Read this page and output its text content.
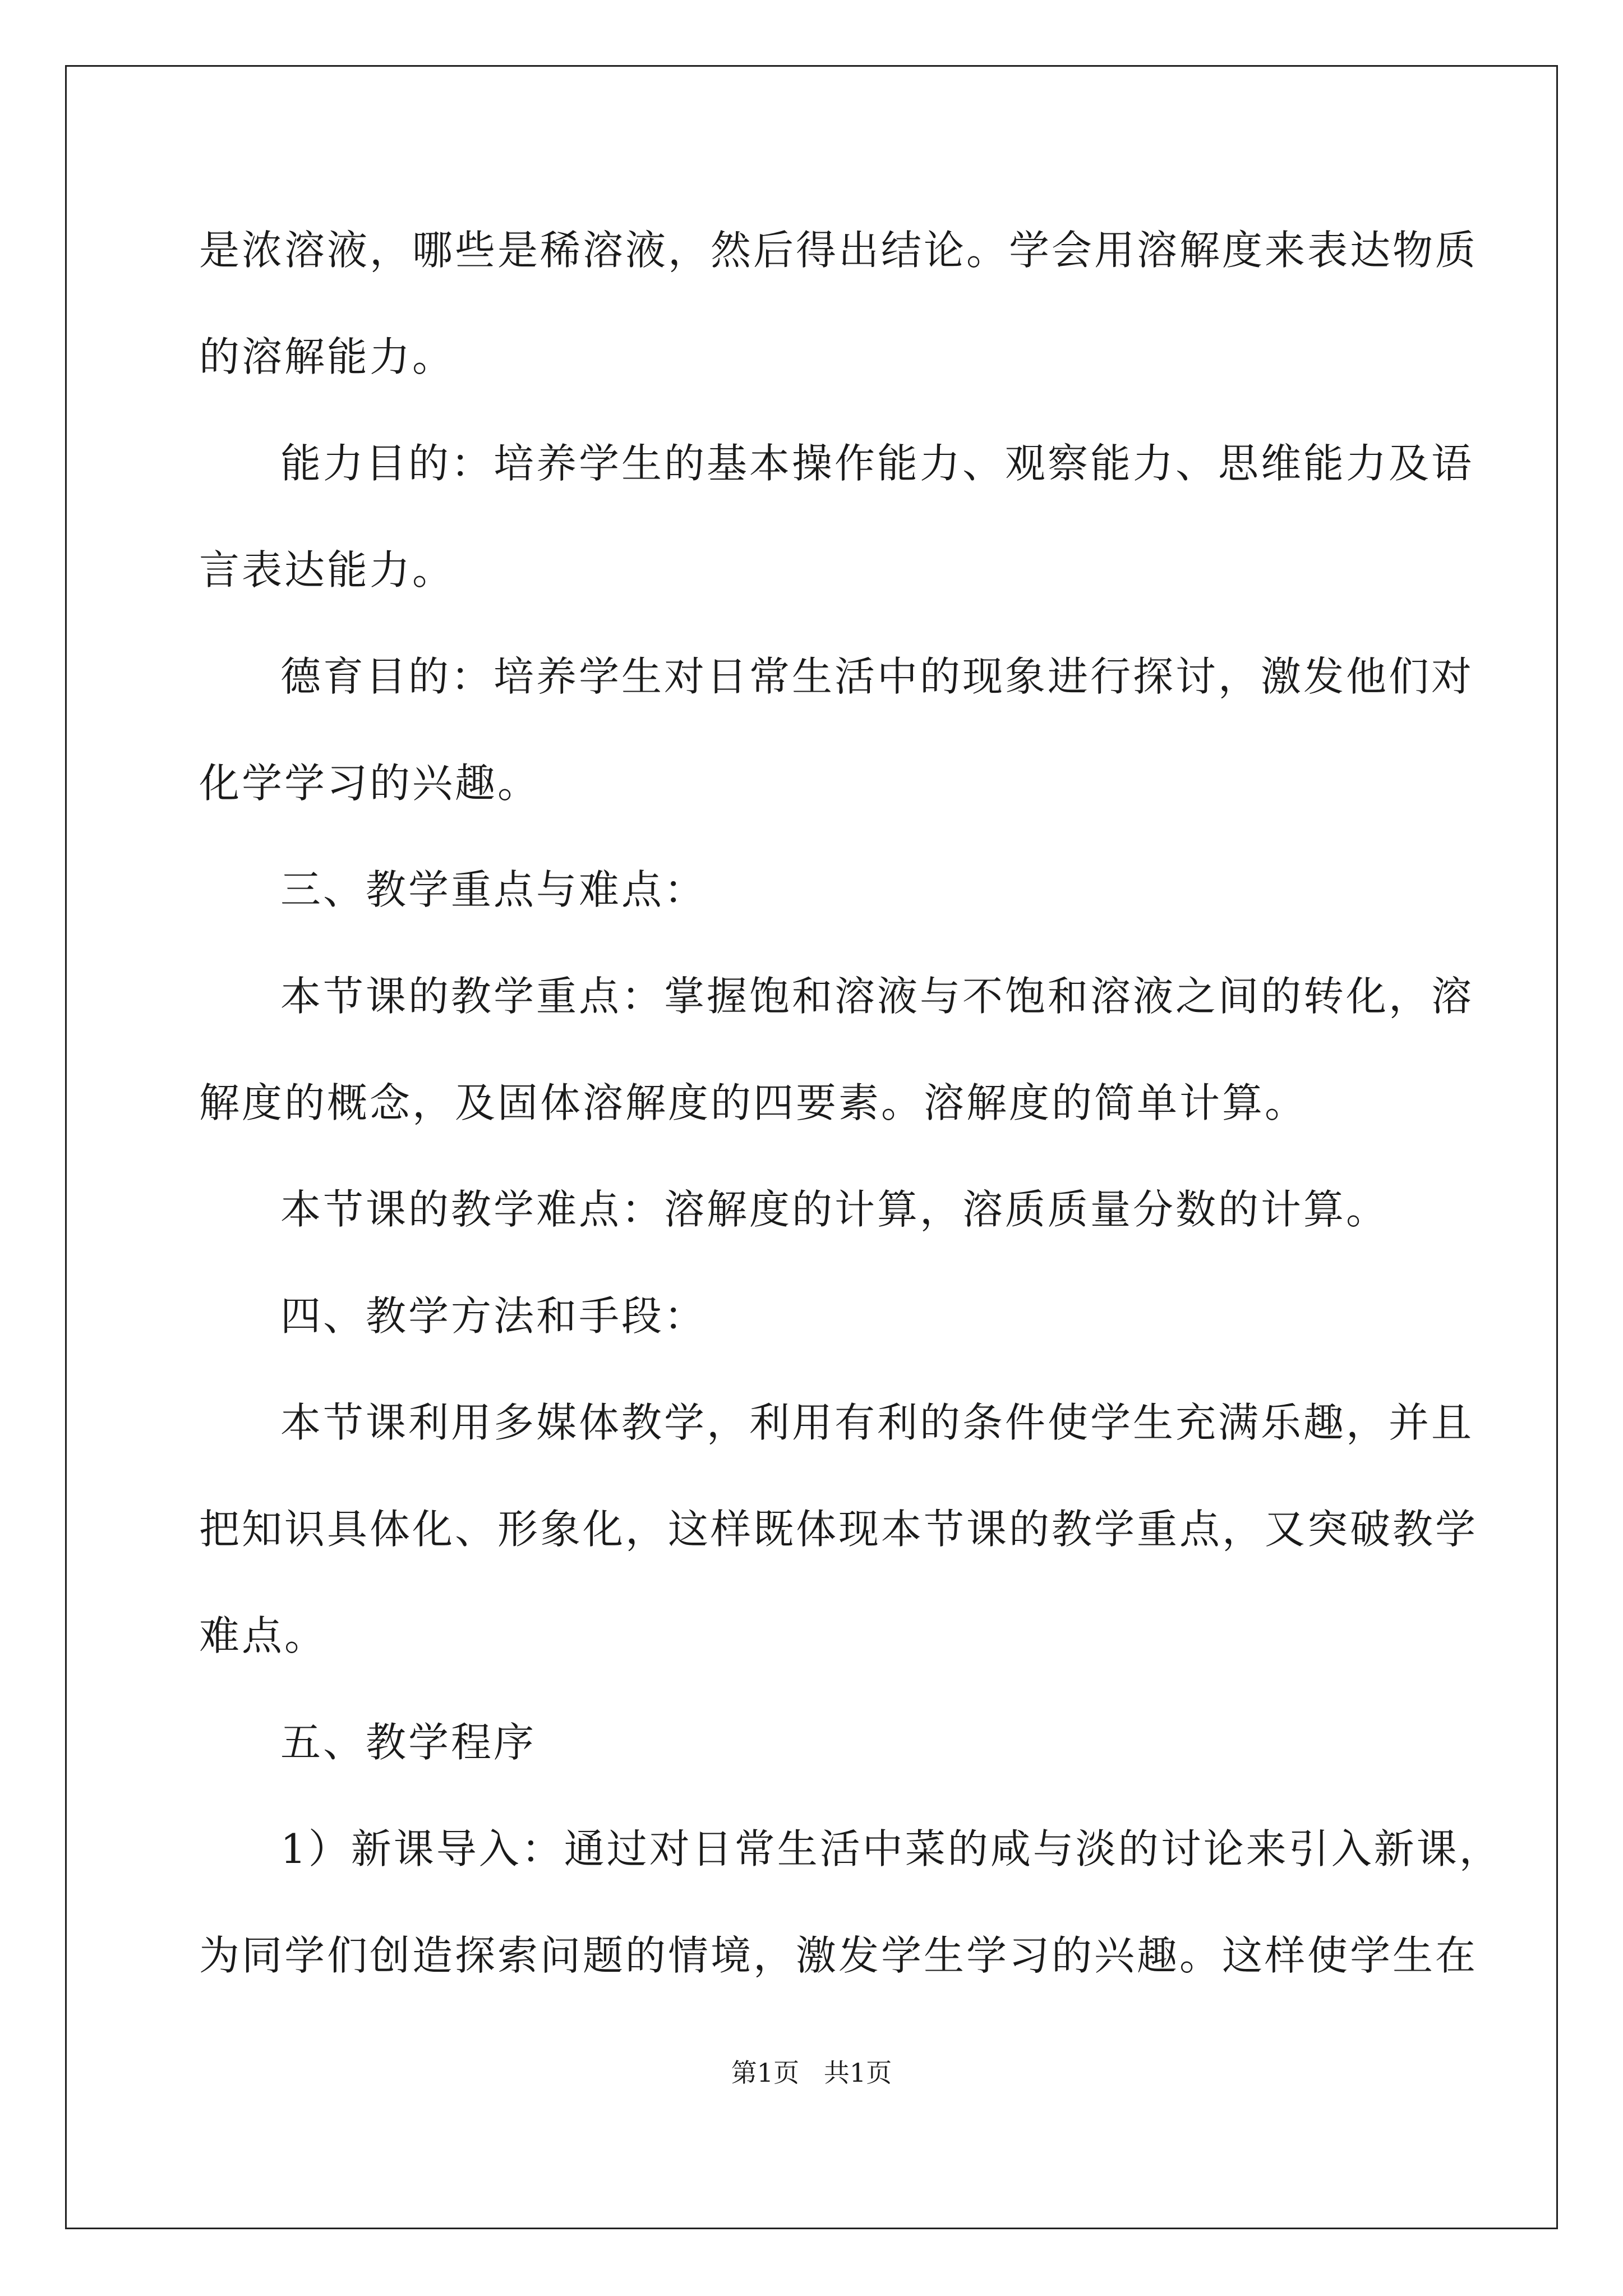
是浓溶液，哪些是稀溶液，然后得出结论。学会用溶解度来表达物质
的溶解能力。
能力目的：培养学生的基本操作能力、观察能力、思维能力及语
言表达能力。
德育目的：培养学生对日常生活中的现象进行探讨，激发他们对
化学学习的兴趣。
三、教学重点与难点：
本节课的教学重点：掌握饱和溶液与不饱和溶液之间的转化，溶
解度的概念，及固体溶解度的四要素。溶解度的简单计算。
本节课的教学难点：溶解度的计算，溶质质量分数的计算。
四、教学方法和手段：
本节课利用多媒体教学，利用有利的条件使学生充满乐趣，并且
把知识具体化、形象化，这样既体现本节课的教学重点，又突破教学
难点。
五、教学程序
1）新课导入：通过对日常生活中菜的咸与淡的讨论来引入新课，
为同学们创造探索问题的情境，激发学生学习的兴趣。这样使学生在
第1页   共1页
